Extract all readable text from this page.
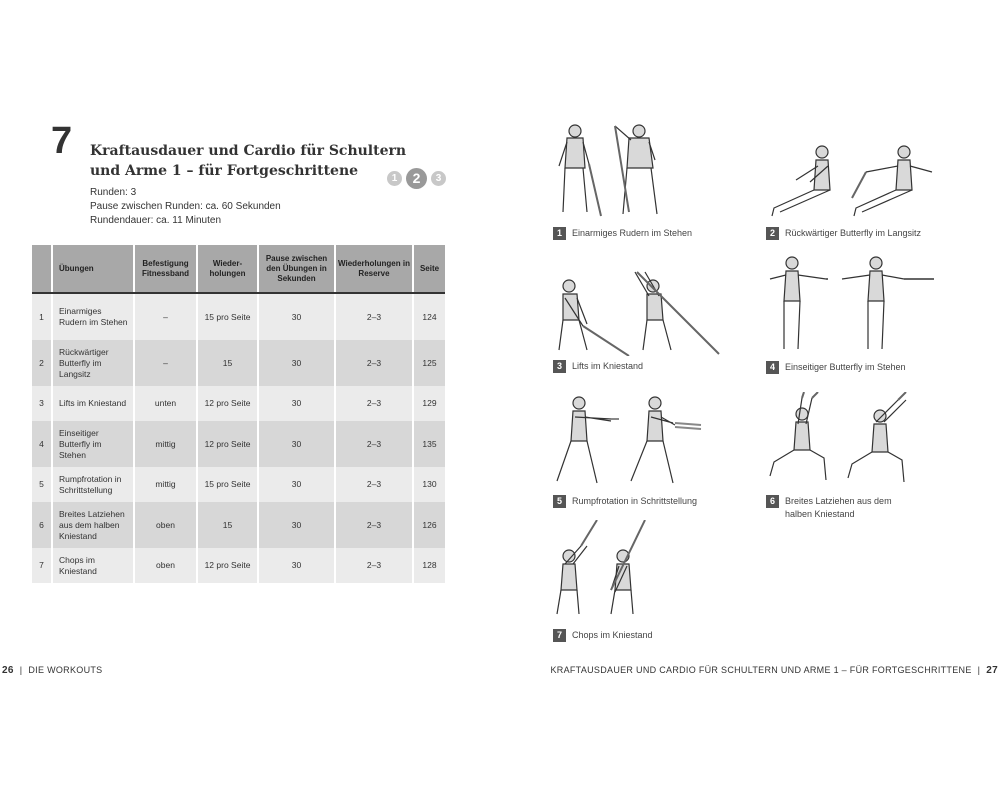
7 Kraftausdauer und Cardio für Schultern
und Arme 1 – für Fortgeschrittene	1	2	3
Runden: 3
Pause zwischen Runden: ca. 60 Sekunden
Rundendauer: ca. 11 Minuten
	Übungen	Befestigung Fitnessband	Wiederholungen	Pause zwischen den Übungen in Sekunden	Wiederholungen in Reserve	Seite
1	Einarmiges Rudern im Stehen	–	15 pro Seite	30	2–3	124
2	Rückwärtiger Butterfly im Langsitz	–	15	30	2–3	125
3	Lifts im Kniestand	unten	12 pro Seite	30	2–3	129
4	Einseitiger Butterfly im Stehen	mittig	12 pro Seite	30	2–3	135
5	Rumpfrotation in Schrittstellung	mittig	15 pro Seite	30	2–3	130
6	Breites Latziehen aus dem halben Kniestand	oben	15	30	2–3	126
7	Chops im Kniestand	oben	12 pro Seite	30	2–3	128
1 Einarmiges Rudern im Stehen	2 Rückwärtiger Butterfly im Langsitz
3 Lifts im Kniestand	4 Einseitiger Butterfly im Stehen
5 Rumpfrotation in Schrittstellung	6 Breites Latziehen aus dem
halben Kniestand
7 Chops im Kniestand
26 | DIE WORKOUTS	KRAFTAUSDAUER UND CARDIO FÜR SCHULTERN UND ARME 1 – FÜR FORTGESCHRITTENE | 27
